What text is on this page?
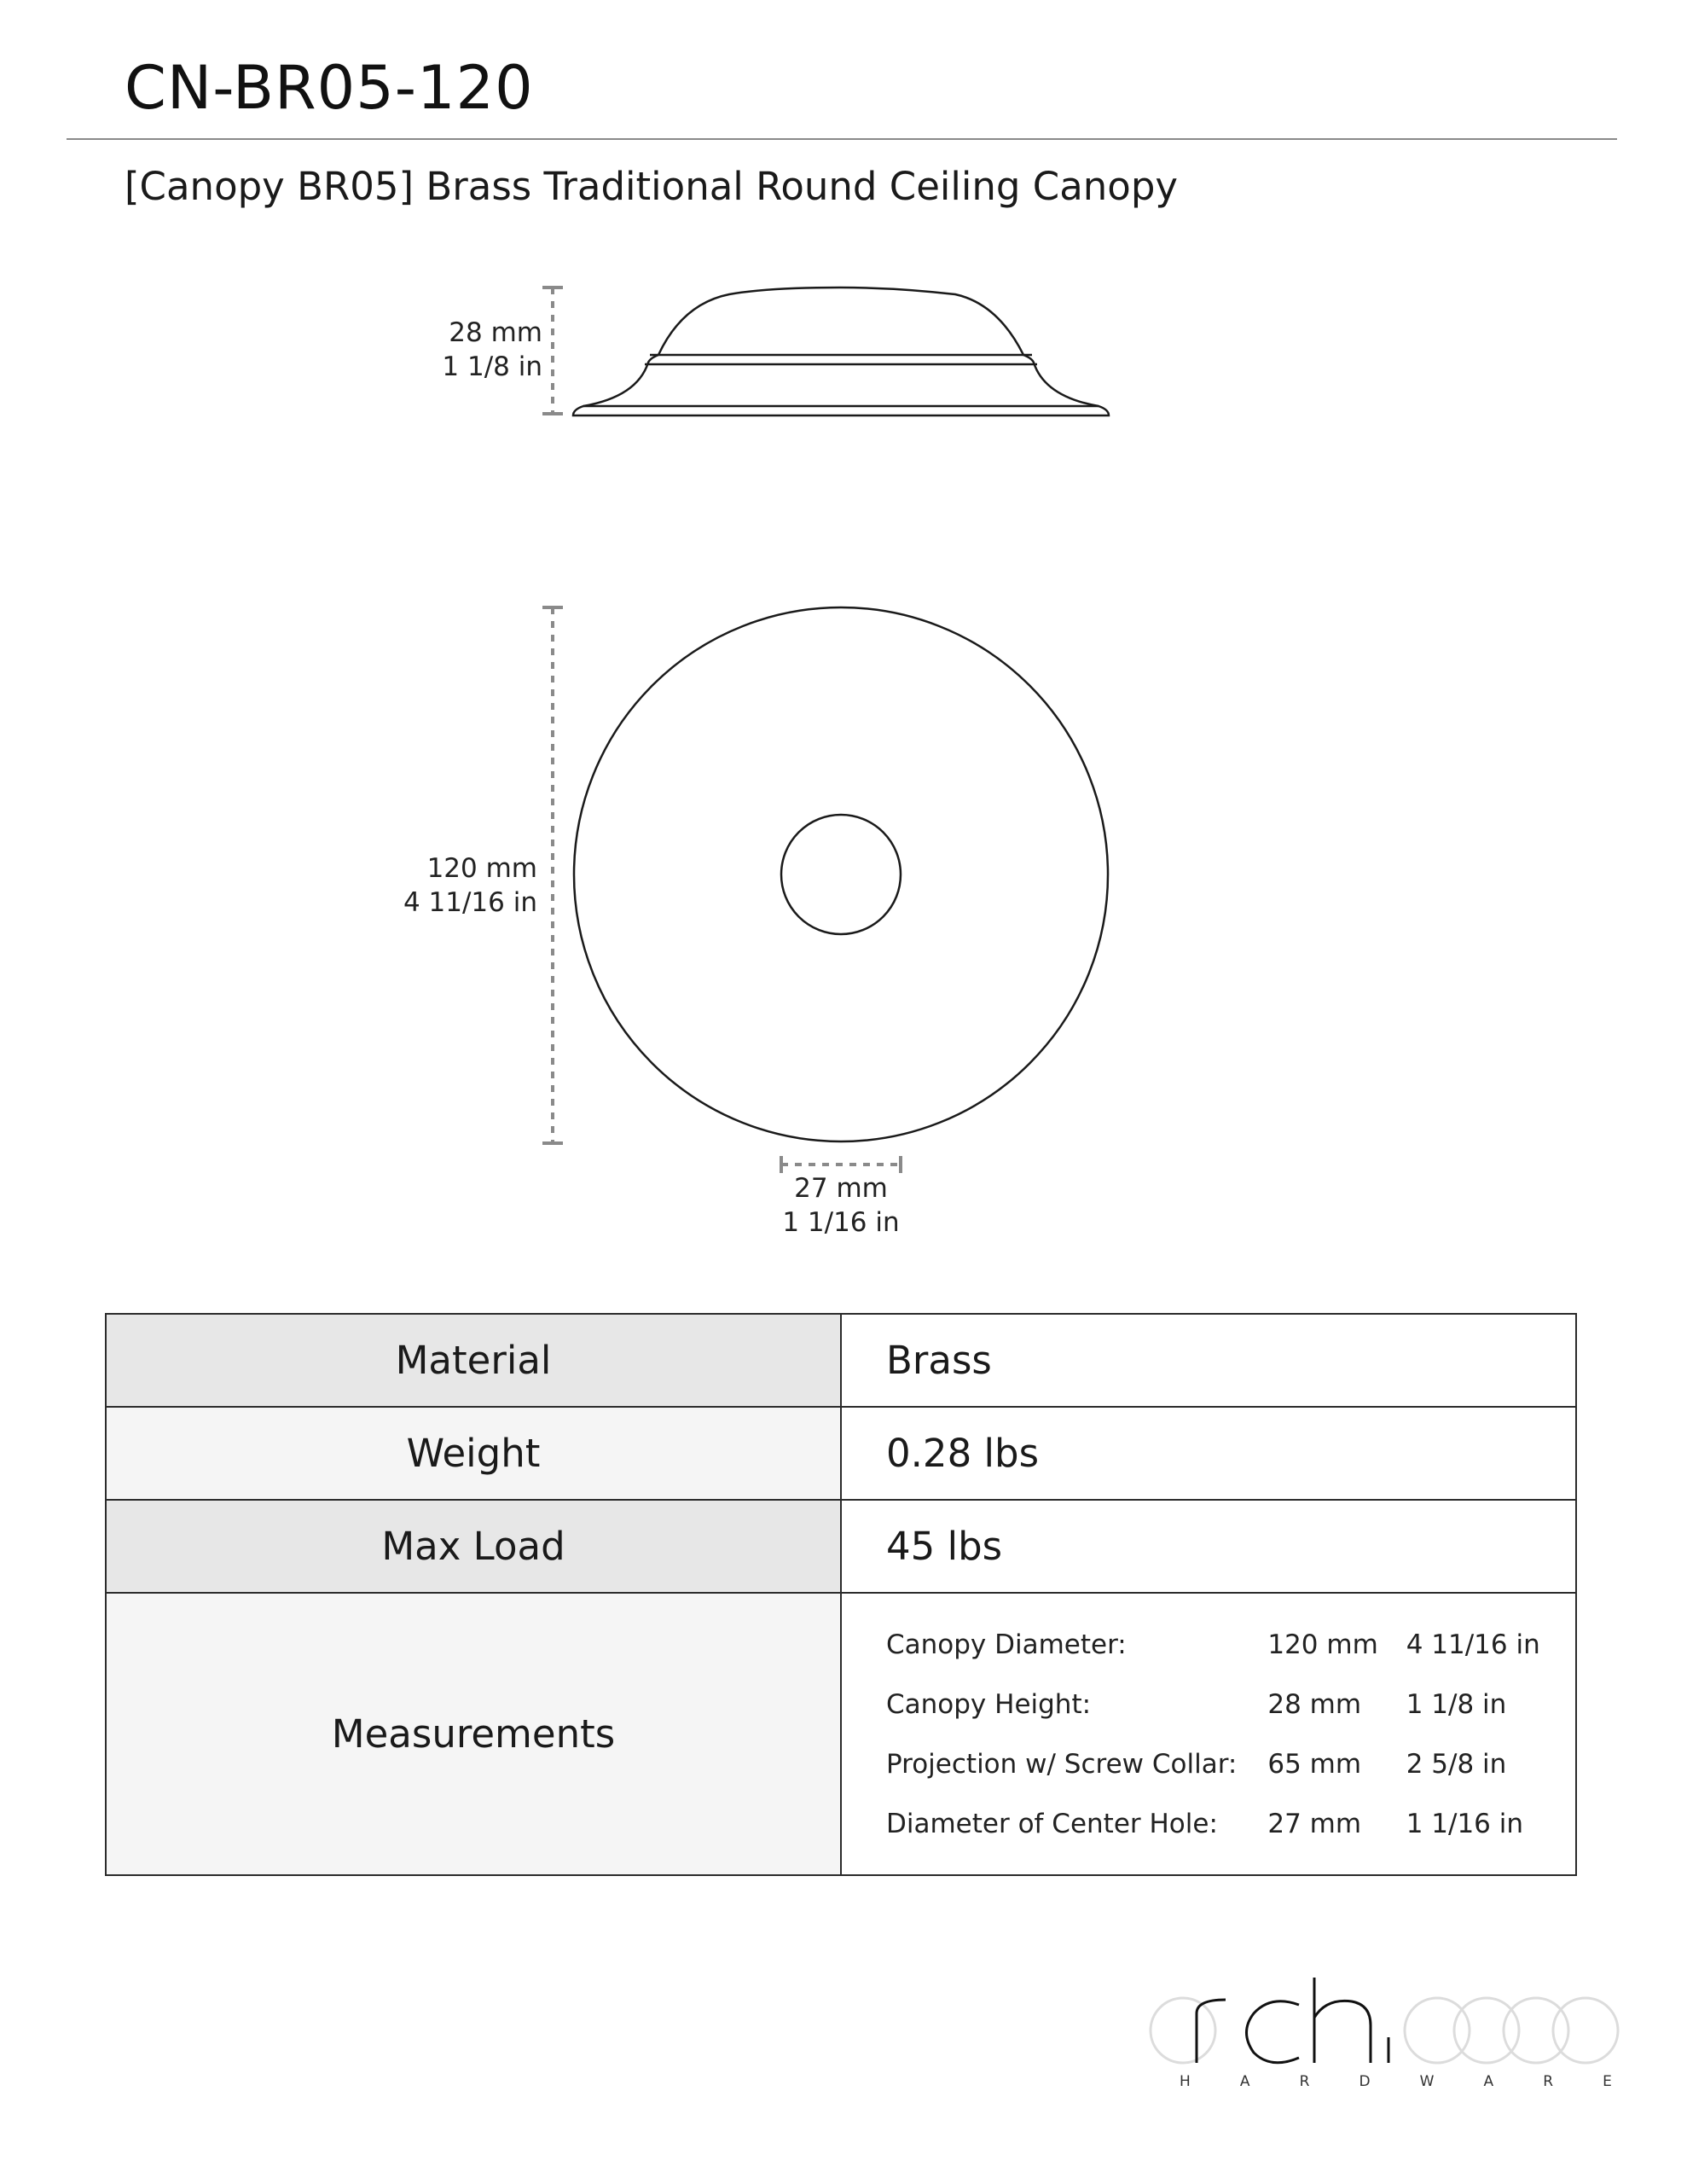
CN-BR05-120
[Canopy BR05] Brass Traditional Round Ceiling Canopy
28 mm
1 1/8 in
120 mm
4 11/16 in
27 mm
1 1/16 in
Material	Brass
Weight	0.28 lbs
Max Load	45 lbs
Measurements	
Canopy Diameter:	120 mm	4 11/16 in
Canopy Height:	28 mm	1 1/8 in
Projection w/ Screw Collar:	65 mm	2 5/8 in
Diameter of Center Hole:	27 mm	1 1/16 in
H	A	R	D	W	A	R	E
